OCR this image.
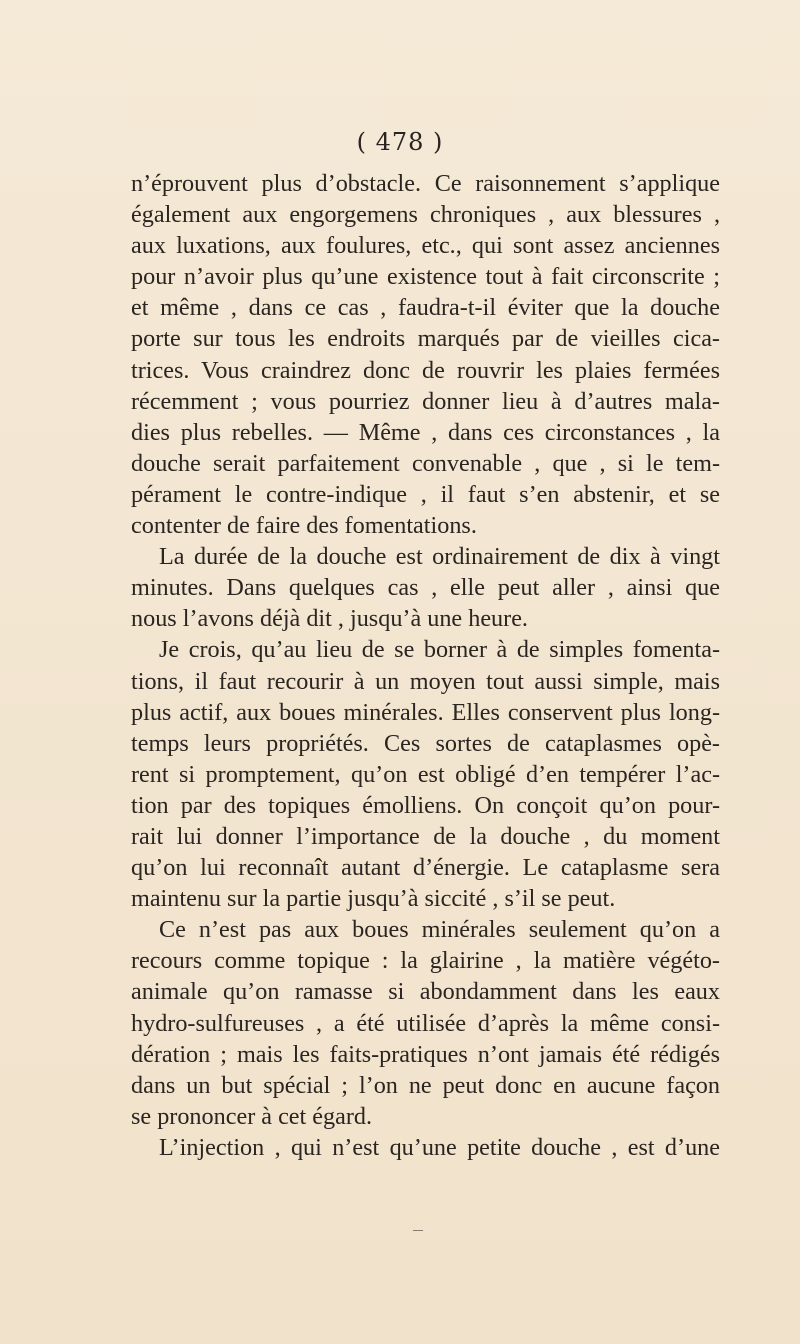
( 478 )
n’éprouvent plus d’obstacle. Ce raisonnement s’applique
également aux engorgemens chroniques , aux blessures ,
aux luxations, aux foulures, etc., qui sont assez anciennes
pour n’avoir plus qu’une existence tout à fait circonscrite ;
et même , dans ce cas , faudra-t-il éviter que la douche
porte sur tous les endroits marqués par de vieilles cica-
trices. Vous craindrez donc de rouvrir les plaies fermées
récemment ; vous pourriez donner lieu à d’autres mala-
dies plus rebelles. — Même , dans ces circonstances , la
douche serait parfaitement convenable , que , si le tem-
pérament le contre-indique , il faut s’en abstenir, et se
contenter de faire des fomentations.
La durée de la douche est ordinairement de dix à vingt
minutes. Dans quelques cas , elle peut aller , ainsi que
nous l’avons déjà dit , jusqu’à une heure.
Je crois, qu’au lieu de se borner à de simples fomenta-
tions, il faut recourir à un moyen tout aussi simple, mais
plus actif, aux boues minérales. Elles conservent plus long-
temps leurs propriétés. Ces sortes de cataplasmes opè-
rent si promptement, qu’on est obligé d’en tempérer l’ac-
tion par des topiques émolliens. On conçoit qu’on pour-
rait lui donner l’importance de la douche , du moment
qu’on lui reconnaît autant d’énergie. Le cataplasme sera
maintenu sur la partie jusqu’à siccité , s’il se peut.
Ce n’est pas aux boues minérales seulement qu’on a
recours comme topique : la glairine , la matière végéto-
animale qu’on ramasse si abondamment dans les eaux
hydro-sulfureuses , a été utilisée d’après la même consi-
dération ; mais les faits-pratiques n’ont jamais été rédigés
dans un but spécial ; l’on ne peut donc en aucune façon
se prononcer à cet égard.
L’injection , qui n’est qu’une petite douche , est d’une
